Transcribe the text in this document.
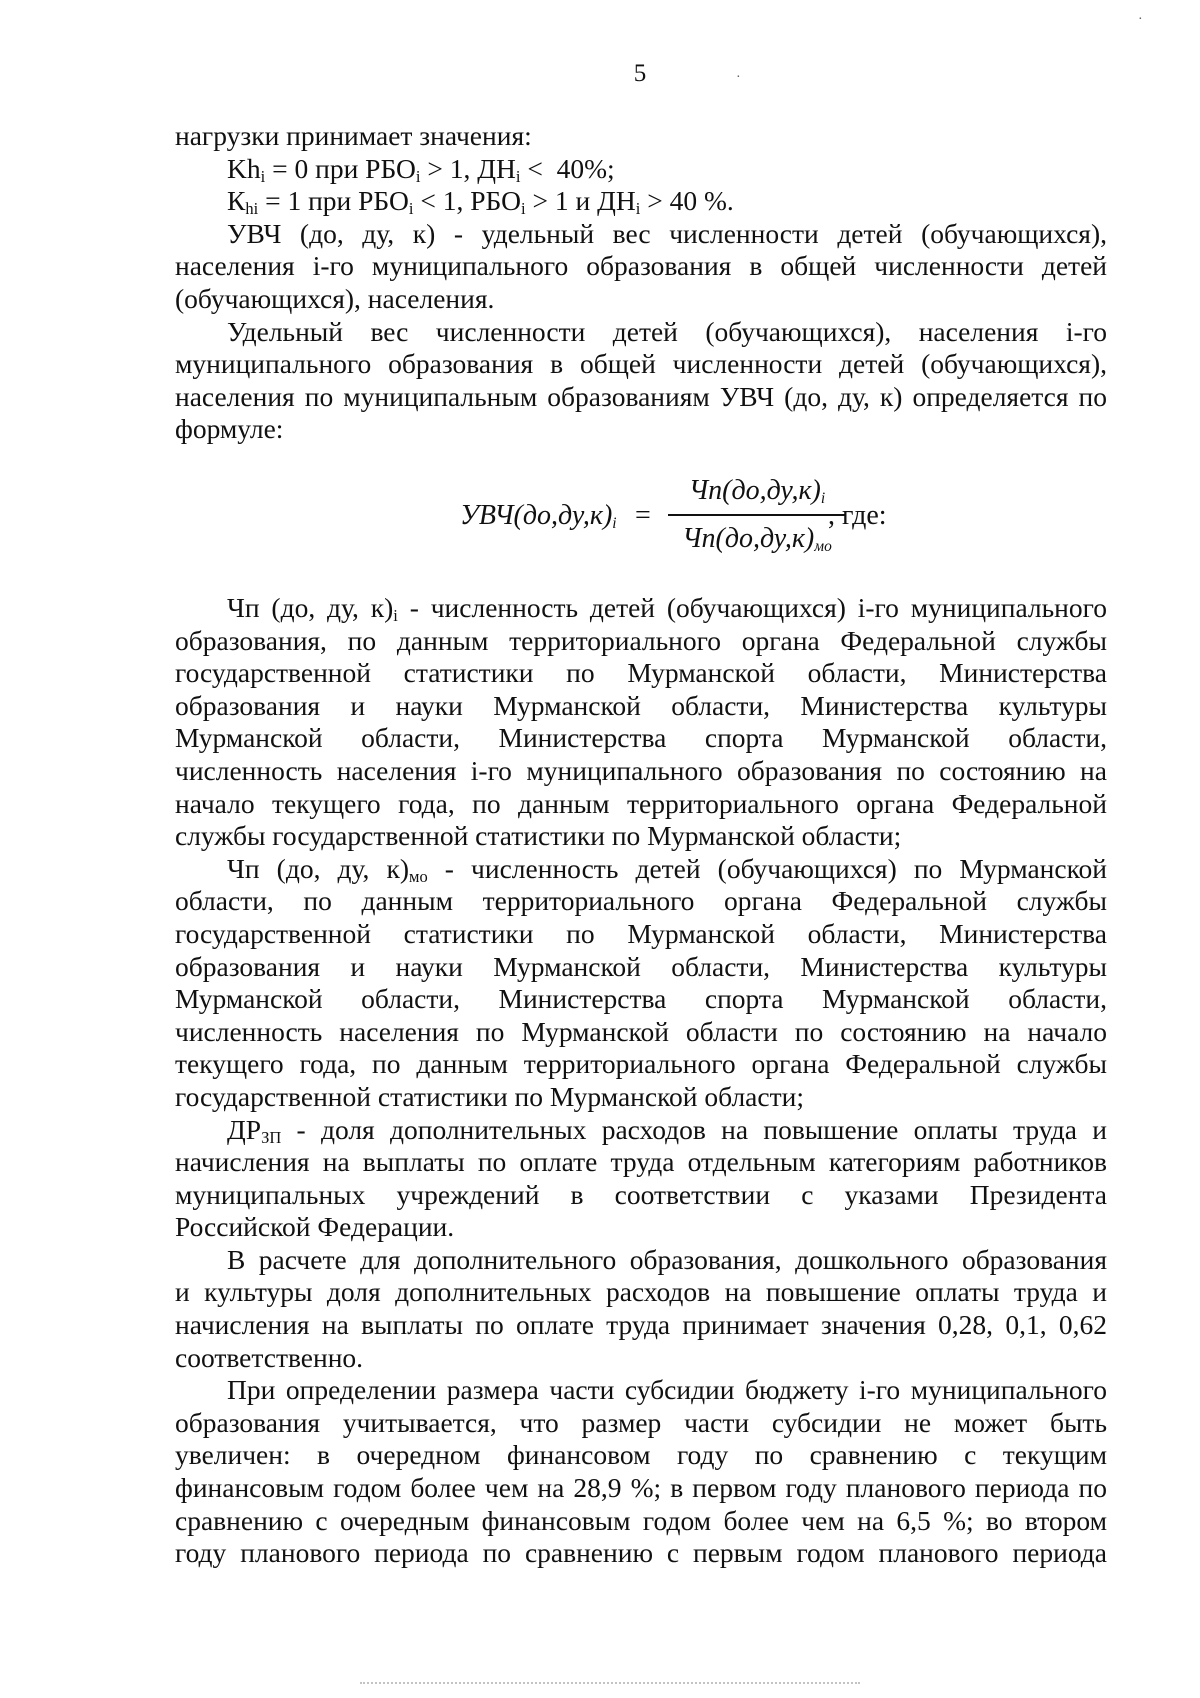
·
·
5
нагрузки принимает значения:
$Kh_i = 0$ при $РБО_i > 1$, $ДН_i < 40\%$;
$К_{hi} = 1$ при $РБО_i < 1$, $РБО_i > 1$ и $ДН_i > 40$ %.
УВЧ (до, ду, к) - удельный вес численности детей (обучающихся),
населения i-го муниципального образования в общей численности детей
(обучающихся), населения.
Удельный вес численности детей (обучающихся), населения i-го
муниципального образования в общей численности детей (обучающихся),
населения по муниципальным образованиям УВЧ (до, ду, к) определяется по
формуле:
$УВЧ(до,ду,к)_i$ =
$Чп(до,ду,к)_i$
$Чп(до,ду,к)_{мо}$
, где:
Чп (до, ду, $к)_i$ - численность детей (обучающихся) i-го муниципального
образования, по данным территориального органа Федеральной службы
государственной статистики по Мурманской области, Министерства
образования и науки Мурманской области, Министерства культуры
Мурманской области, Министерства спорта Мурманской области,
численность населения i-го муниципального образования по состоянию на
начало текущего года, по данным территориального органа Федеральной
службы государственной статистики по Мурманской области;
Чп (до, ду, $к)_{мо}$ - численность детей (обучающихся) по Мурманской
области, по данным территориального органа Федеральной службы
государственной статистики по Мурманской области, Министерства
образования и науки Мурманской области, Министерства культуры
Мурманской области, Министерства спорта Мурманской области,
численность населения по Мурманской области по состоянию на начало
текущего года, по данным территориального органа Федеральной службы
государственной статистики по Мурманской области;
$ДР_{ЗП}$ - доля дополнительных расходов на повышение оплаты труда и
начисления на выплаты по оплате труда отдельным категориям работников
муниципальных учреждений в соответствии с указами Президента
Российской Федерации.
В расчете для дополнительного образования, дошкольного образования
и культуры доля дополнительных расходов на повышение оплаты труда и
начисления на выплаты по оплате труда принимает значения 0,28, 0,1, 0,62
соответственно.
При определении размера части субсидии бюджету i-го муниципального
образования учитывается, что размер части субсидии не может быть
увеличен: в очередном финансовом году по сравнению с текущим
финансовым годом более чем на 28,9 %; в первом году планового периода по
сравнению с очередным финансовым годом более чем на 6,5 %; во втором
году планового периода по сравнению с первым годом планового периода
